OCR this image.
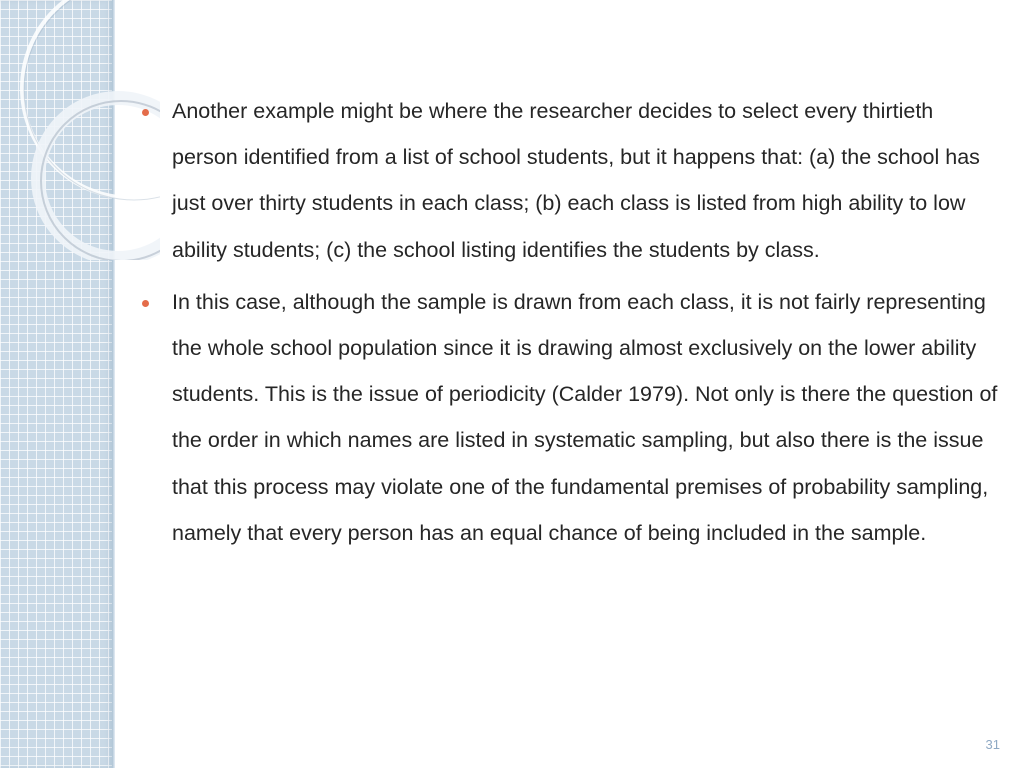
Another example might be where the researcher decides to select every thirtieth person identified from a list of school students, but it happens that: (a) the school has just over thirty students in each class; (b) each class is listed from high ability to low ability students; (c) the school listing identifies the students by class.
In this case, although the sample is drawn from each class, it is not fairly representing the whole school population since it is drawing almost exclusively on the lower ability students. This is the issue of periodicity (Calder 1979). Not only is there the question of the order in which names are listed in systematic sampling, but also there is the issue that this process may violate one of the fundamental premises of probability sampling, namely that every person has an equal chance of being included in the sample.
31
